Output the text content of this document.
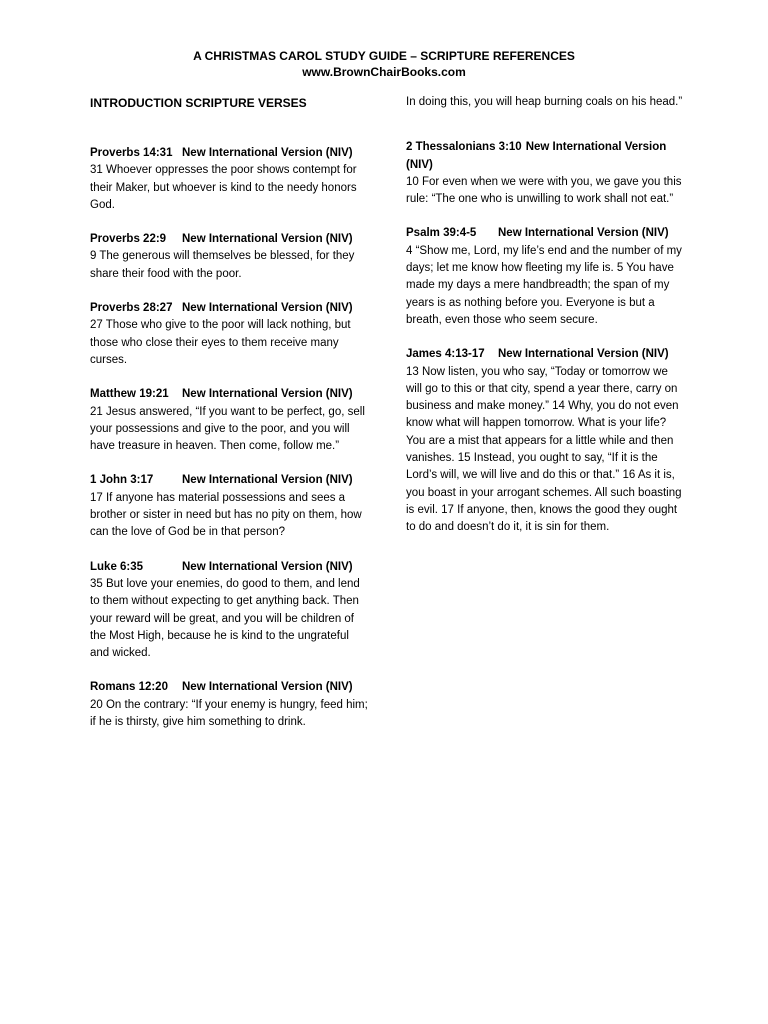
A CHRISTMAS CAROL STUDY GUIDE – SCRIPTURE REFERENCES
www.BrownChairBooks.com
INTRODUCTION SCRIPTURE VERSES
Proverbs 14:31 New International Version (NIV)
31 Whoever oppresses the poor shows contempt for their Maker, but whoever is kind to the needy honors God.
Proverbs 22:9 New International Version (NIV)
9 The generous will themselves be blessed, for they share their food with the poor.
Proverbs 28:27 New International Version (NIV)
27 Those who give to the poor will lack nothing, but those who close their eyes to them receive many curses.
Matthew 19:21 New International Version (NIV)
21 Jesus answered, “If you want to be perfect, go, sell your possessions and give to the poor, and you will have treasure in heaven. Then come, follow me.”
1 John 3:17 New International Version (NIV)
17 If anyone has material possessions and sees a brother or sister in need but has no pity on them, how can the love of God be in that person?
Luke 6:35	New International Version (NIV)
35 But love your enemies, do good to them, and lend to them without expecting to get anything back. Then your reward will be great, and you will be children of the Most High, because he is kind to the ungrateful and wicked.
Romans 12:20 New International Version (NIV)
20 On the contrary: “If your enemy is hungry, feed him; if he is thirsty, give him something to drink.
In doing this, you will heap burning coals on his head.”
2 Thessalonians 3:10 New International Version (NIV)
10 For even when we were with you, we gave you this rule: “The one who is unwilling to work shall not eat.”
Psalm 39:4-5 New International Version (NIV)
4 “Show me, Lord, my life’s end and the number of my days; let me know how fleeting my life is. 5 You have made my days a mere handbreadth; the span of my years is as nothing before you. Everyone is but a breath, even those who seem secure.
James 4:13-17 New International Version (NIV)
13 Now listen, you who say, “Today or tomorrow we will go to this or that city, spend a year there, carry on business and make money.” 14 Why, you do not even know what will happen tomorrow. What is your life? You are a mist that appears for a little while and then vanishes. 15 Instead, you ought to say, “If it is the Lord’s will, we will live and do this or that.” 16 As it is, you boast in your arrogant schemes. All such boasting is evil. 17 If anyone, then, knows the good they ought to do and doesn’t do it, it is sin for them.
